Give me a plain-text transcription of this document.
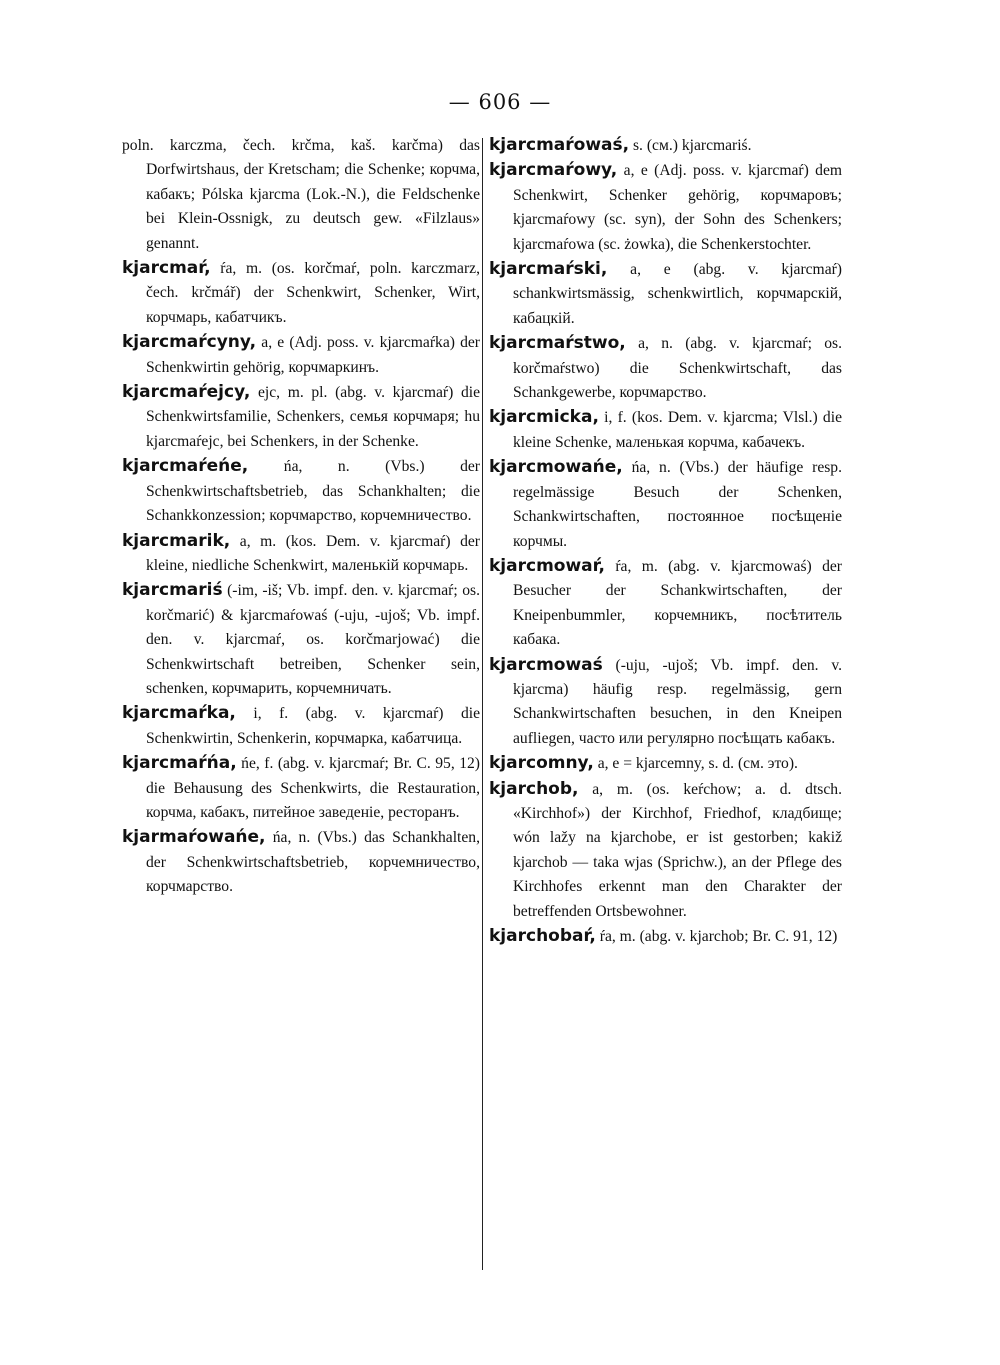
— 606 —
poln. karczma, čech. krčma, kaš. karčma) das Dorfwirtshaus, der Kretscham; die Schenke; корчма, кабакъ; Pólska kjarcma (Lok.-N.), die Feldschenke bei Klein-Ossnigk, zu deutsch gew. «Filzlaus» genannt.
kjarcmaŕ, ŕa, m. (os. korčmaŕ, poln. karczmarz, čech. krčmář) der Schenkwirt, Schenker, Wirt, корчмарь, кабатчикъ.
kjarcmaŕcyny, a, e (Adj. poss. v. kjarcmaŕka) der Schenkwirtin gehörig, корчмаркинъ.
kjarcmaŕejcy, ejc, m. pl. (abg. v. kjarcmaŕ) die Schenkwirtsfamilie, Schenkers, семья корчмаря; hu kjarcmaŕejc, bei Schenkers, in der Schenke.
kjarcmaŕeńe, ńa, n. (Vbs.) der Schenkwirtschaftsbetrieb, das Schankhalten; die Schankkonzession; корчмарство, корчемничество.
kjarcmarik, a, m. (kos. Dem. v. kjarcmaŕ) der kleine, niedliche Schenkwirt, маленькій корчмарь.
kjarcmariś (-im, -iš; Vb. impf. den. v. kjarcmaŕ; os. korčmarić) & kjarcmaŕowaś (-uju, -ujoš; Vb. impf. den. v. kjarcmaŕ, os. korčmarjować) die Schenkwirtschaft betreiben, Schenker sein, schenken, корчмарить, корчемничать.
kjarcmaŕka, i, f. (abg. v. kjarcmaŕ) die Schenkwirtin, Schenkerin, корчмарка, кабатчица.
kjarcmaŕńa, ńe, f. (abg. v. kjarcmaŕ; Br. C. 95, 12) die Behausung des Schenkwirts, die Restauration, корчма, кабакъ, питейное заведеніе, ресторанъ.
kjarmaŕowańe, ńa, n. (Vbs.) das Schankhalten, der Schenkwirtschaftsbetrieb, корчемничество, корчмарство.
kjarcmaŕowaś, s. (см.) kjarcmariś.
kjarcmaŕowy, a, e (Adj. poss. v. kjarcmaŕ) dem Schenkwirt, Schenker gehörig, корчмаровъ; kjarcmaŕowy (sc. syn), der Sohn des Schenkers; kjarcmaŕowa (sc. żowka), die Schenkerstochter.
kjarcmaŕski, a, e (abg. v. kjarcmaŕ) schankwirtsmässig, schenkwirtlich, корчмарскій, кабацкій.
kjarcmaŕstwo, a, n. (abg. v. kjarcmaŕ; os. korčmaŕstwo) die Schenkwirtschaft, das Schankgewerbe, корчмарство.
kjarcmicka, i, f. (kos. Dem. v. kjarcma; Vlsl.) die kleine Schenke, маленькая корчма, кабачекъ.
kjarcmowańe, ńa, n. (Vbs.) der häufige resp. regelmässige Besuch der Schenken, Schankwirtschaften, постоянное посѣщеніе корчмы.
kjarcmowaŕ, ŕa, m. (abg. v. kjarcmowaś) der Besucher der Schankwirtschaften, der Kneipenbummler, корчемникъ, посѣтитель кабака.
kjarcmowaś (-uju, -ujoš; Vb. impf. den. v. kjarcma) häufig resp. regelmässig, gern Schankwirtschaften besuchen, in den Kneipen aufliegen, часто или регулярно посѣщать кабакъ.
kjarcomny, a, e = kjarcemny, s. d. (см. это).
kjarchob, a, m. (os. keŕchow; a. d. dtsch. «Kirchhof») der Kirchhof, Friedhof, кладбище; wón lažy na kjarchobe, er ist gestorben; kakiž kjarchob — taka wjas (Sprichw.), an der Pflege des Kirchhofes erkennt man den Charakter der betreffenden Ortsbewohner.
kjarchobaŕ, ŕa, m. (abg. v. kjarchob; Br. C. 91, 12)
